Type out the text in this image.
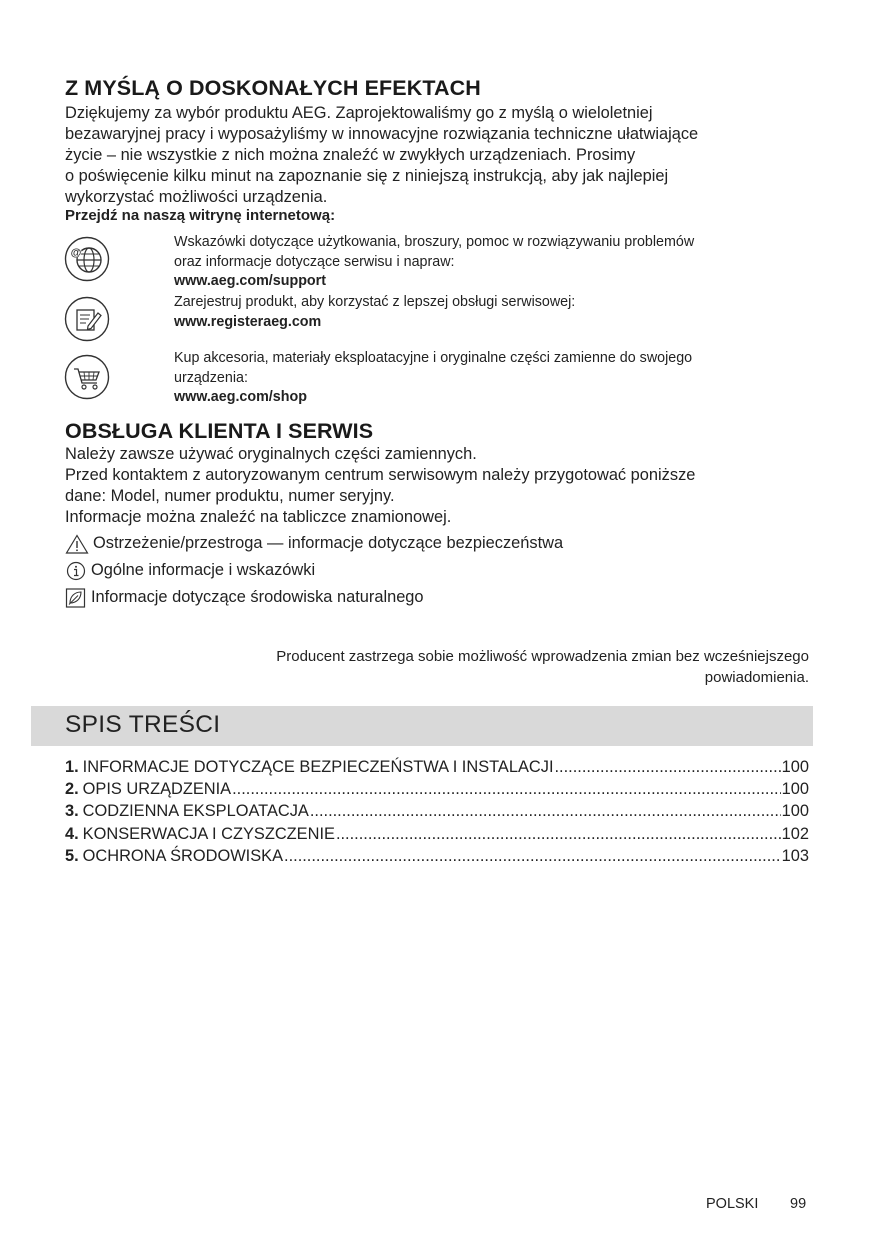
Z MYŚLĄ O DOSKONAŁYCH EFEKTACH
Dziękujemy za wybór produktu AEG. Zaprojektowaliśmy go z myślą o wieloletniej
bezawaryjnej pracy i wyposażyliśmy w innowacyjne rozwiązania techniczne ułatwiające
życie – nie wszystkie z nich można znaleźć w zwykłych urządzeniach. Prosimy
o poświęcenie kilku minut na zapoznanie się z niniejszą instrukcją, aby jak najlepiej
wykorzystać możliwości urządzenia.
Przejdź na naszą witrynę internetową:
@
Wskazówki dotyczące użytkowania, broszury, pomoc w rozwiązywaniu problemów
oraz informacje dotyczące serwisu i napraw:
www.aeg.com/support
Zarejestruj produkt, aby korzystać z lepszej obsługi serwisowej:
www.registeraeg.com
Kup akcesoria, materiały eksploatacyjne i oryginalne części zamienne do swojego
urządzenia:
www.aeg.com/shop
OBSŁUGA KLIENTA I SERWIS
Należy zawsze używać oryginalnych części zamiennych.
Przed kontaktem z autoryzowanym centrum serwisowym należy przygotować poniższe
dane: Model, numer produktu, numer seryjny.
Informacje można znaleźć na tabliczce znamionowej.
Ostrzeżenie/przestroga — informacje dotyczące bezpieczeństwa
Ogólne informacje i wskazówki
Informacje dotyczące środowiska naturalnego
Producent zastrzega sobie możliwość wprowadzenia zmian bez wcześniejszego
powiadomienia.
SPIS TREŚCI
1. INFORMACJE DOTYCZĄCE BEZPIECZEŃSTWA I INSTALACJI .....	100
2. OPIS URZĄDZENIA .....	100
3. CODZIENNA EKSPLOATACJA .....	100
4. KONSERWACJA I CZYSZCZENIE .....	102
5. OCHRONA ŚRODOWISKA .....	103
POLSKI 99
